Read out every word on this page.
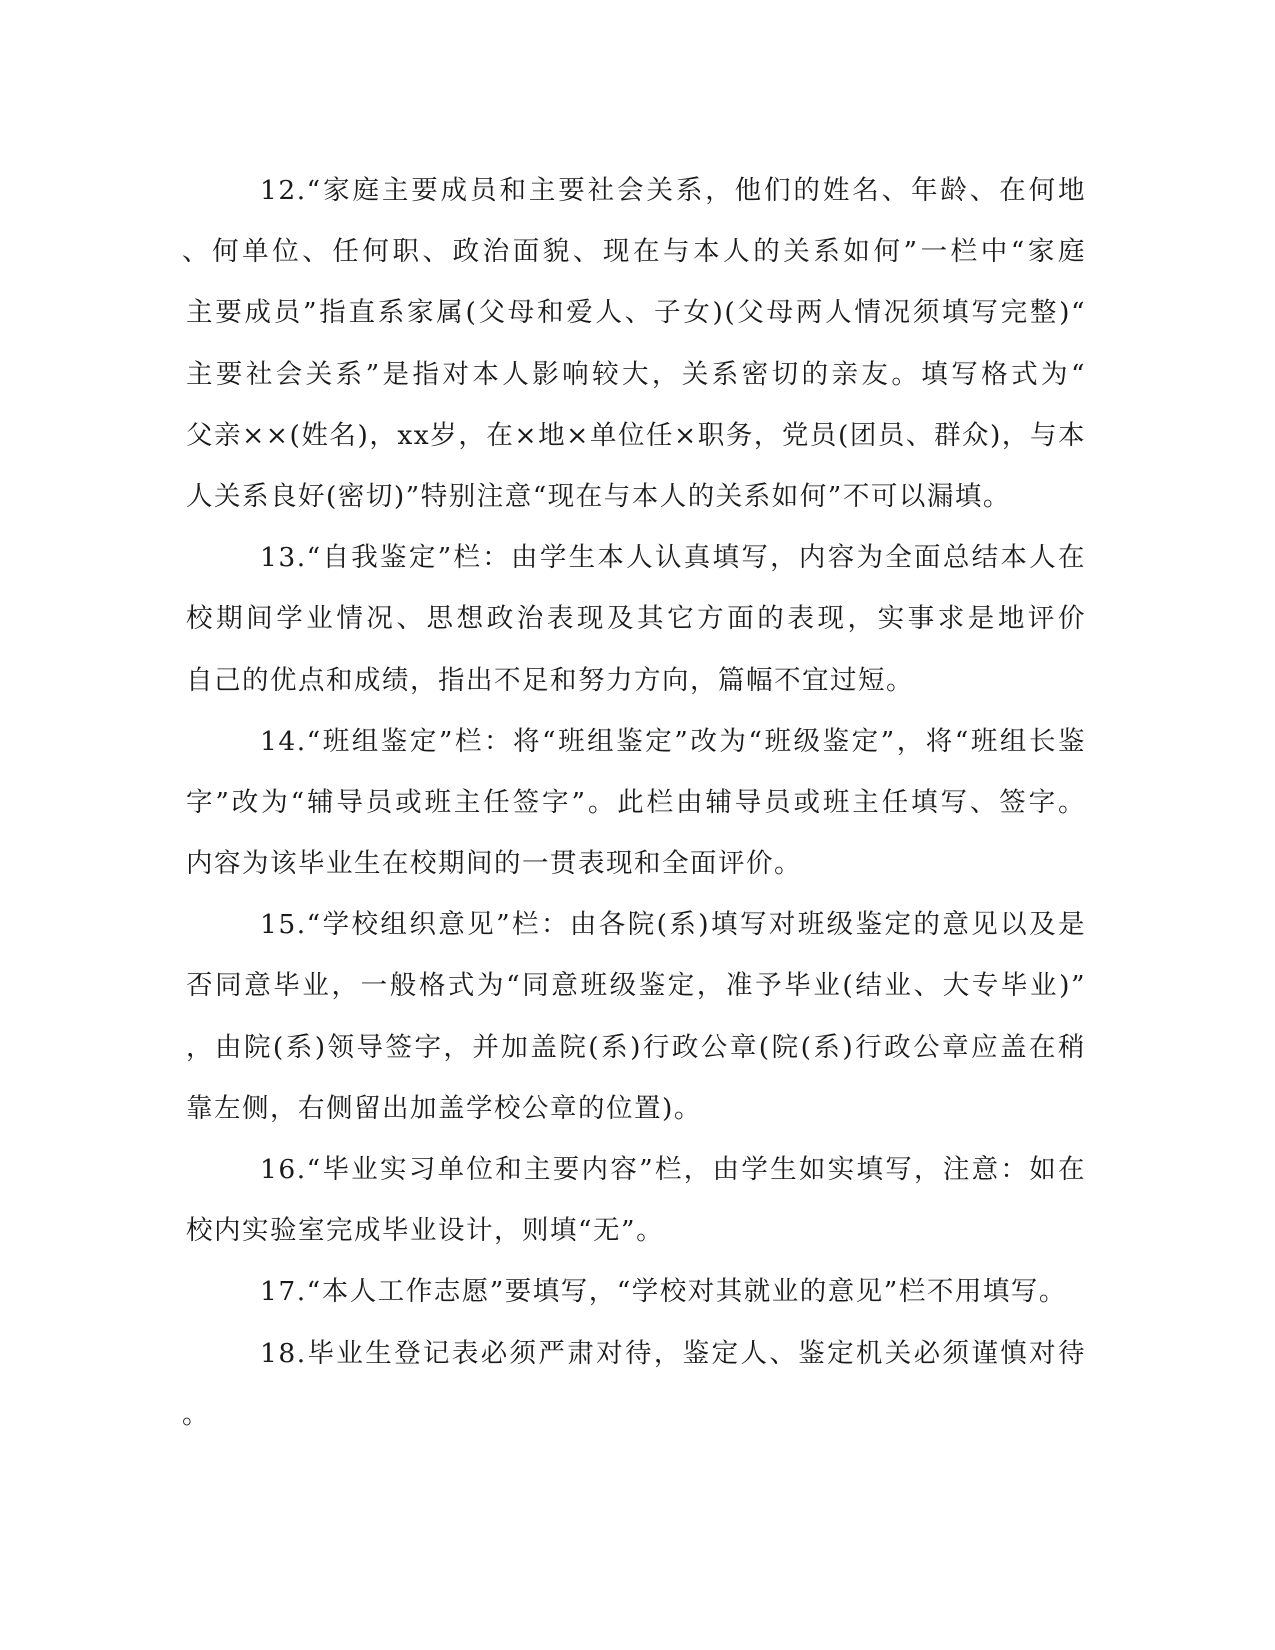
12.“家庭主要成员和主要社会关系，他们的姓名、年龄、在何地
、何单位、任何职、政治面貌、现在与本人的关系如何”一栏中“家庭
主要成员”指直系家属(父母和爱人、子女)(父母两人情况须填写完整)“
主要社会关系”是指对本人影响较大，关系密切的亲友。填写格式为“
父亲××(姓名)，xx岁，在×地×单位任×职务，党员(团员、群众)，与本
人关系良好(密切)”特别注意“现在与本人的关系如何”不可以漏填。
13.“自我鉴定”栏：由学生本人认真填写，内容为全面总结本人在
校期间学业情况、思想政治表现及其它方面的表现，实事求是地评价
自己的优点和成绩，指出不足和努力方向，篇幅不宜过短。
14.“班组鉴定”栏：将“班组鉴定”改为“班级鉴定”，将“班组长鉴
字”改为“辅导员或班主任签字”。此栏由辅导员或班主任填写、签字。
内容为该毕业生在校期间的一贯表现和全面评价。
15.“学校组织意见”栏：由各院(系)填写对班级鉴定的意见以及是
否同意毕业，一般格式为“同意班级鉴定，准予毕业(结业、大专毕业)”
，由院(系)领导签字，并加盖院(系)行政公章(院(系)行政公章应盖在稍
靠左侧，右侧留出加盖学校公章的位置)。
16.“毕业实习单位和主要内容”栏，由学生如实填写，注意：如在
校内实验室完成毕业设计，则填“无”。
17.“本人工作志愿”要填写，“学校对其就业的意见”栏不用填写。
18.毕业生登记表必须严肃对待，鉴定人、鉴定机关必须谨慎对待
。
